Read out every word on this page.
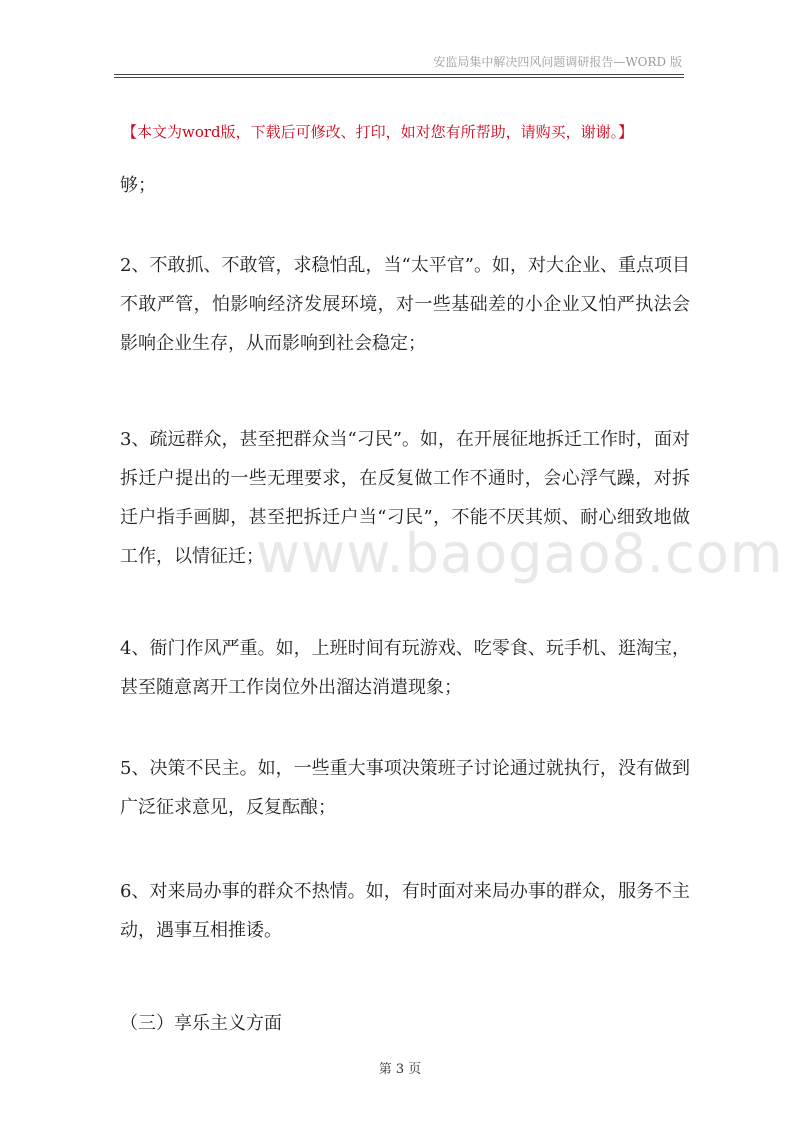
安监局集中解决四风问题调研报告—WORD 版
【本文为word版，下载后可修改、打印，如对您有所帮助，请购买，谢谢。】
够；
2、不敢抓、不敢管，求稳怕乱，当“太平官”。如，对大企业、重点项目不敢严管，怕影响经济发展环境，对一些基础差的小企业又怕严执法会影响企业生存，从而影响到社会稳定；
3、疏远群众，甚至把群众当“刁民”。如，在开展征地拆迁工作时，面对拆迁户提出的一些无理要求，在反复做工作不通时，会心浮气躁，对拆迁户指手画脚，甚至把拆迁户当“刁民”，不能不厌其烦、耐心细致地做工作，以情征迁；
4、衙门作风严重。如，上班时间有玩游戏、吃零食、玩手机、逛淘宝，甚至随意离开工作岗位外出溜达消遣现象；
5、决策不民主。如，一些重大事项决策班子讨论通过就执行，没有做到广泛征求意见，反复酝酿；
6、对来局办事的群众不热情。如，有时面对来局办事的群众，服务不主动，遇事互相推诿。
（三）享乐主义方面
www.baogao8.com
第 3 页
